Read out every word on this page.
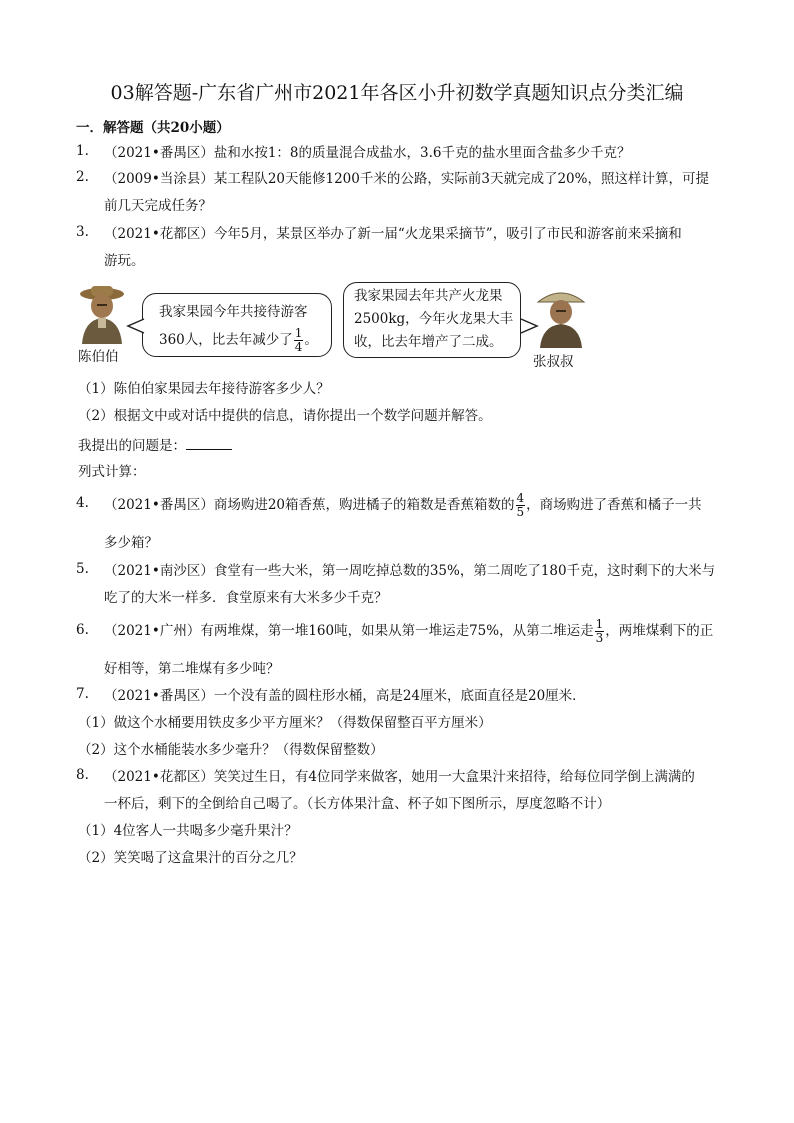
03解答题-广东省广州市2021年各区小升初数学真题知识点分类汇编
一．解答题（共20小题）
1. （2021•番禺区）盐和水按1：8的质量混合成盐水，3.6千克的盐水里面含盐多少千克？
2. （2009•当涂县）某工程队20天能修1200千米的公路，实际前3天就完成了20%，照这样计算，可提
前几天完成任务？
3. （2021•花都区）今年5月，某景区举办了新一届“火龙果采摘节”，吸引了市民和游客前来采摘和
游玩。
陈伯伯
我家果园今年共接待游客
360人，比去年减少了 $\frac{1}{4}$ 。
我家果园去年共产火龙果
2500kg，今年火龙果大丰
收，比去年增产了二成。
张叔叔
（1）陈伯伯家果园去年接待游客多少人？
（2）根据文中或对话中提供的信息，请你提出一个数学问题并解答。
我提出的问题是：
列式计算：
4. （2021•番禺区）商场购进20箱香蕉，购进橘子的箱数是香蕉箱数的 $\frac{4}{5}$ ，商场购进了香蕉和橘子一共
多少箱？
5. （2021•南沙区）食堂有一些大米，第一周吃掉总数的35%，第二周吃了180千克，这时剩下的大米与
吃了的大米一样多．食堂原来有大米多少千克？
6. （2021•广州）有两堆煤，第一堆160吨，如果从第一堆运走75%，从第二堆运走 $\frac{1}{3}$ ，两堆煤剩下的正
好相等，第二堆煤有多少吨？
7. （2021•番禺区）一个没有盖的圆柱形水桶，高是24厘米，底面直径是20厘米．
（1）做这个水桶要用铁皮多少平方厘米？（得数保留整百平方厘米）
（2）这个水桶能装水多少毫升？（得数保留整数）
8. （2021•花都区）笑笑过生日，有4位同学来做客，她用一大盒果汁来招待，给每位同学倒上满满的
一杯后，剩下的全倒给自己喝了。（长方体果汁盒、杯子如下图所示，厚度忽略不计）
（1）4位客人一共喝多少毫升果汁？
（2）笑笑喝了这盒果汁的百分之几？
